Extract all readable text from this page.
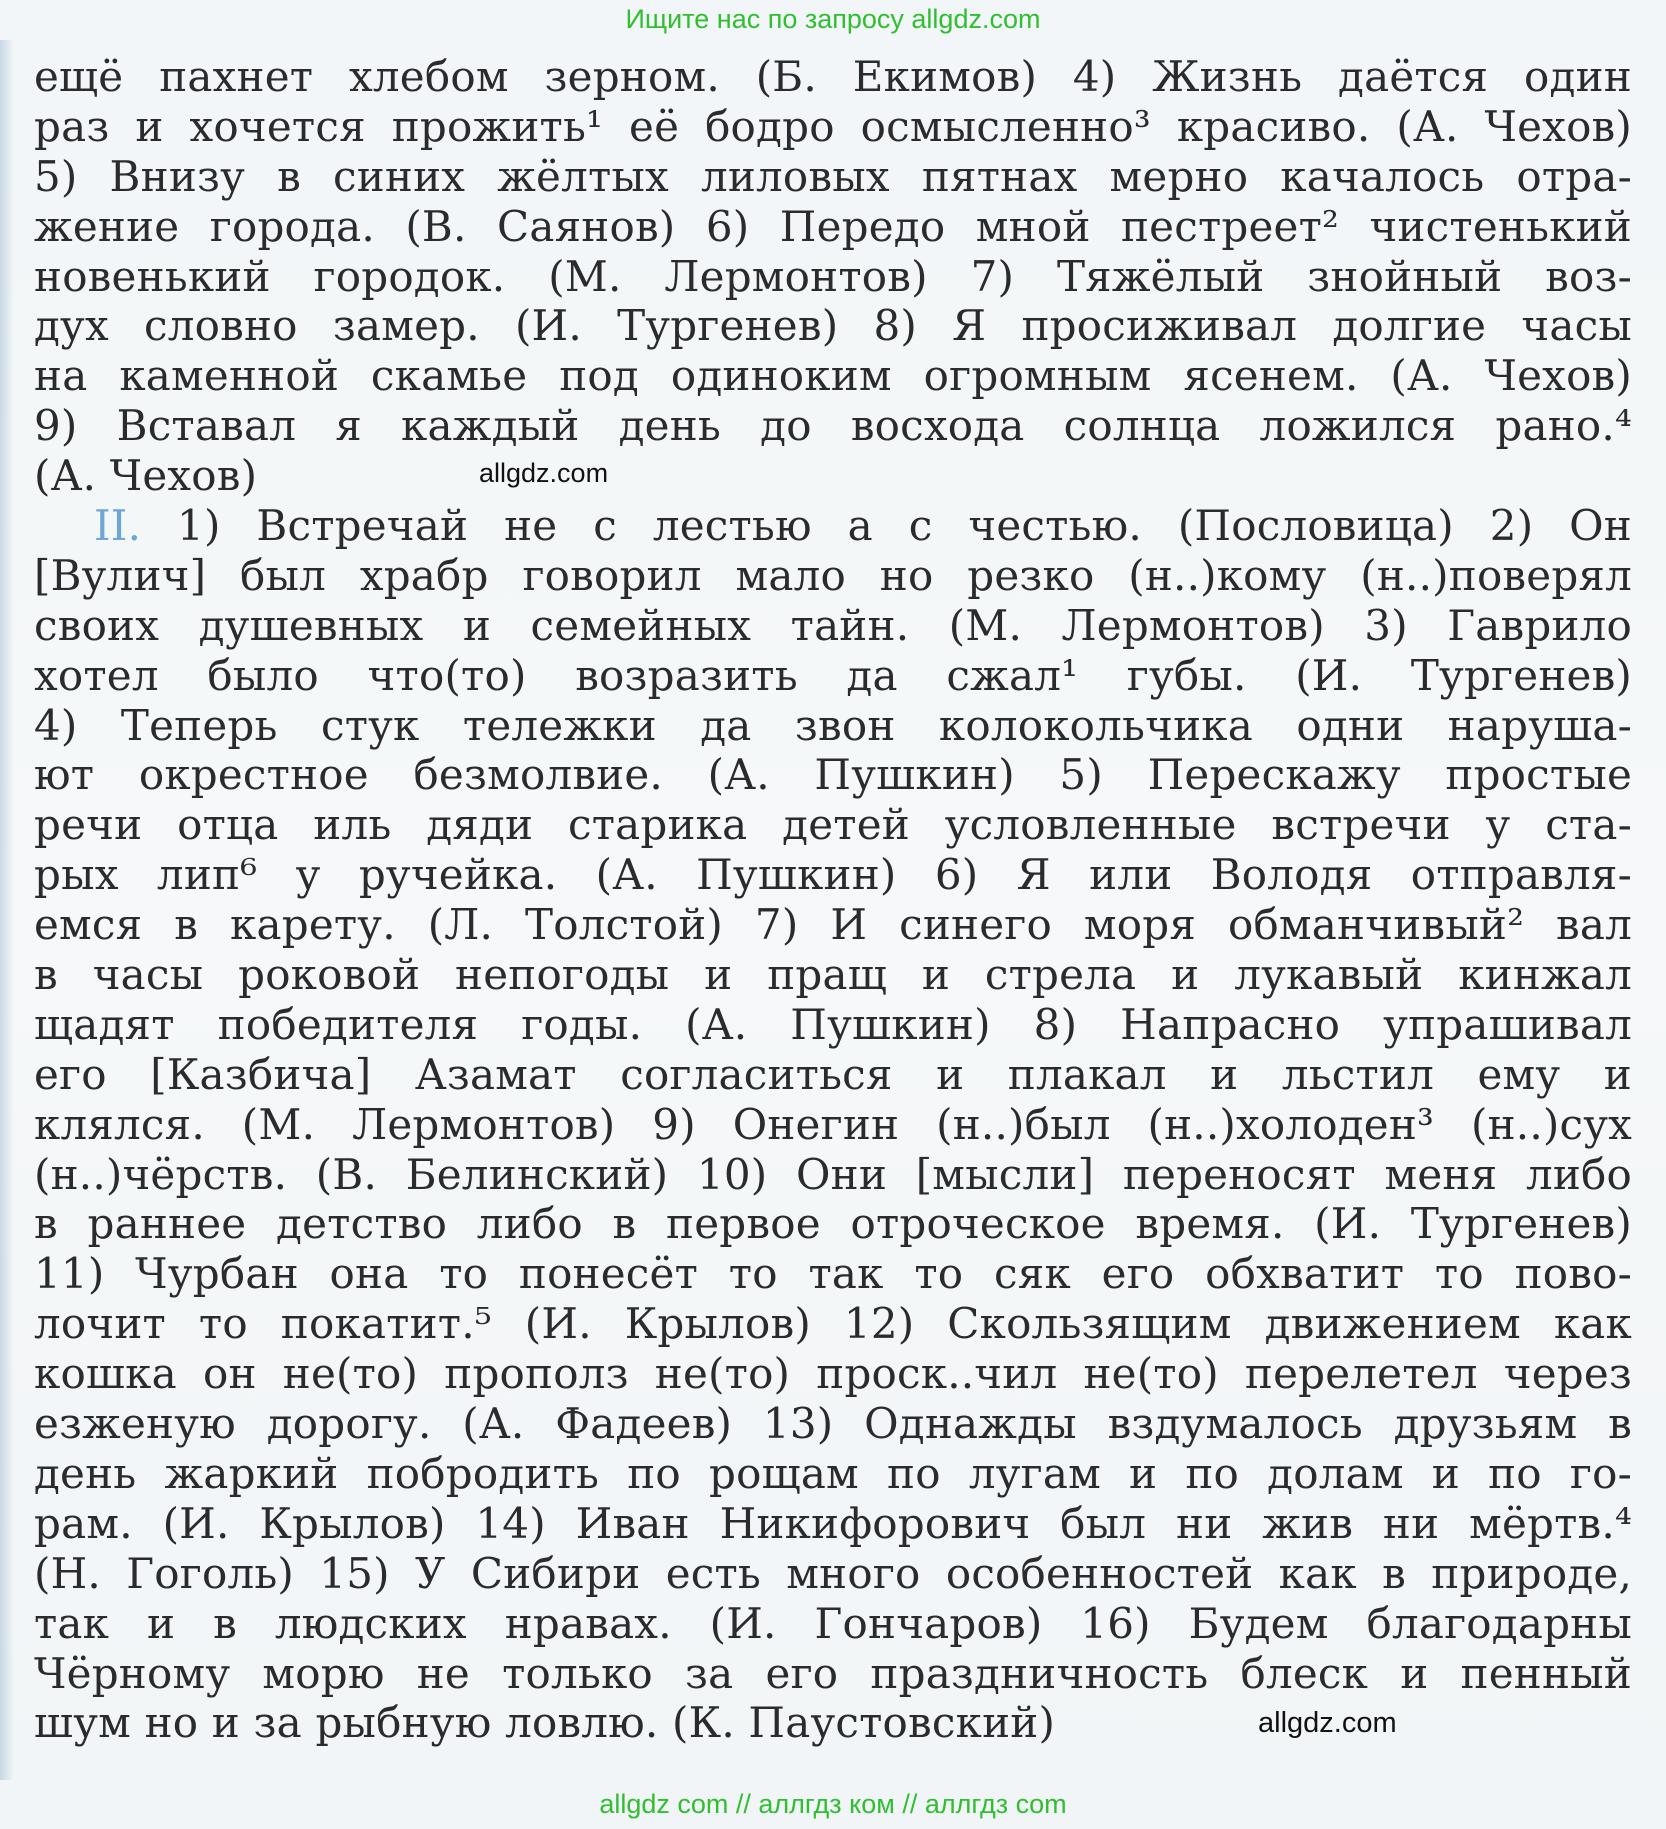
Ищите нас по запросу allgdz.com
ещё пахнет хлебом зерном. (Б. Екимов) 4) Жизнь даётся один
раз и хочется прожить¹ её бодро осмысленно³ красиво. (А. Чехов)
5) Внизу в синих жёлтых лиловых пятнах мерно качалось отра-
жение города. (В. Саянов) 6) Передо мной пестреет² чистенький
новенький городок. (М. Лермонтов) 7) Тяжёлый знойный воз-
дух словно замер. (И. Тургенев) 8) Я просиживал долгие часы
на каменной скамье под одиноким огромным ясенем. (А. Чехов)
9) Вставал я каждый день до восхода солнца ложился рано.⁴
(А. Чехов)
II. 1) Встречай не с лестью а с честью. (Пословица) 2) Он
[Вулич] был храбр говорил мало но резко (н..)кому (н..)поверял
своих душевных и семейных тайн. (М. Лермонтов) 3) Гаврило
хотел было что(то) возразить да сжал¹ губы. (И. Тургенев)
4) Теперь стук тележки да звон колокольчика одни наруша-
ют окрестное безмолвие. (А. Пушкин) 5) Перескажу простые
речи отца иль дяди старика детей условленные встречи у ста-
рых лип⁶ у ручейка. (А. Пушкин) 6) Я или Володя отправля-
емся в карету. (Л. Толстой) 7) И синего моря обманчивый² вал
в часы роковой непогоды и пращ и стрела и лукавый кинжал
щадят победителя годы. (А. Пушкин) 8) Напрасно упрашивал
его [Казбича] Азамат согласиться и плакал и льстил ему и
клялся. (М. Лермонтов) 9) Онегин (н..)был (н..)холоден³ (н..)сух
(н..)чёрств. (В. Белинский) 10) Они [мысли] переносят меня либо
в раннее детство либо в первое отроческое время. (И. Тургенев)
11) Чурбан она то понесёт то так то сяк его обхватит то пово-
лочит то покатит.⁵ (И. Крылов) 12) Скользящим движением как
кошка он не(то) прополз не(то) проск..чил не(то) перелетел через
езженую дорогу. (А. Фадеев) 13) Однажды вздумалось друзьям в
день жаркий побродить по рощам по лугам и по долам и по го-
рам. (И. Крылов) 14) Иван Никифорович был ни жив ни мёртв.⁴
(Н. Гоголь) 15) У Сибири есть много особенностей как в природе,
так и в людских нравах. (И. Гончаров) 16) Будем благодарны
Чёрному морю не только за его праздничность блеск и пенный
шум но и за рыбную ловлю. (К. Паустовский)
allgdz.com
allgdz.com
allgdz com // аллгдз ком // аллгдз com
